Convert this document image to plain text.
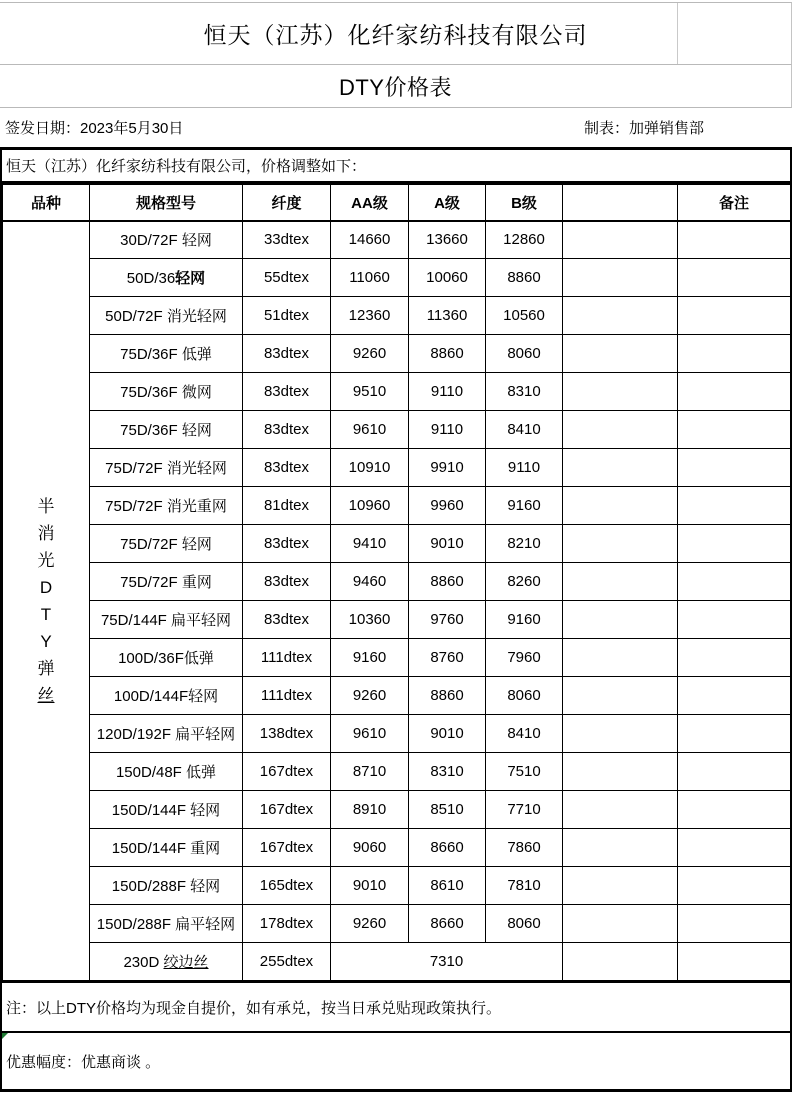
恒天（江苏）化纤家纺科技有限公司
DTY价格表
签发日期：2023年5月30日	制表：加弹销售部
恒天（江苏）化纤家纺科技有限公司，价格调整如下：
品种	规格型号	纤度	AA级	A级	B级		备注

半
消
光
D
T
Y
弹
丝
	30D/72F 轻网	33dtex	14660	13660	12860		
	50D/36轻网	55dtex	11060	10060	8860		
	50D/72F 消光轻网	51dtex	12360	11360	10560		
	75D/36F 低弹	83dtex	9260	8860	8060		
	75D/36F 微网	83dtex	9510	9110	8310		
	75D/36F 轻网	83dtex	9610	9110	8410		
	75D/72F 消光轻网	83dtex	10910	9910	9110		
	75D/72F 消光重网	81dtex	10960	9960	9160		
	75D/72F 轻网	83dtex	9410	9010	8210		
	75D/72F 重网	83dtex	9460	8860	8260		
	75D/144F 扁平轻网	83dtex	10360	9760	9160		
	100D/36F低弹	111dtex	9160	8760	7960		
	100D/144F轻网	111dtex	9260	8860	8060		
	120D/192F 扁平轻网	138dtex	9610	9010	8410		
	150D/48F 低弹	167dtex	8710	8310	7510		
	150D/144F 轻网	167dtex	8910	8510	7710		
	150D/144F 重网	167dtex	9060	8660	7860		
	150D/288F 轻网	165dtex	9010	8610	7810		
	150D/288F 扁平轻网	178dtex	9260	8660	8060		
	230D 绞边丝	255dtex	7310				
注：以上DTY价格均为现金自提价，如有承兑，按当日承兑贴现政策执行。
优惠幅度：优惠商谈 。
